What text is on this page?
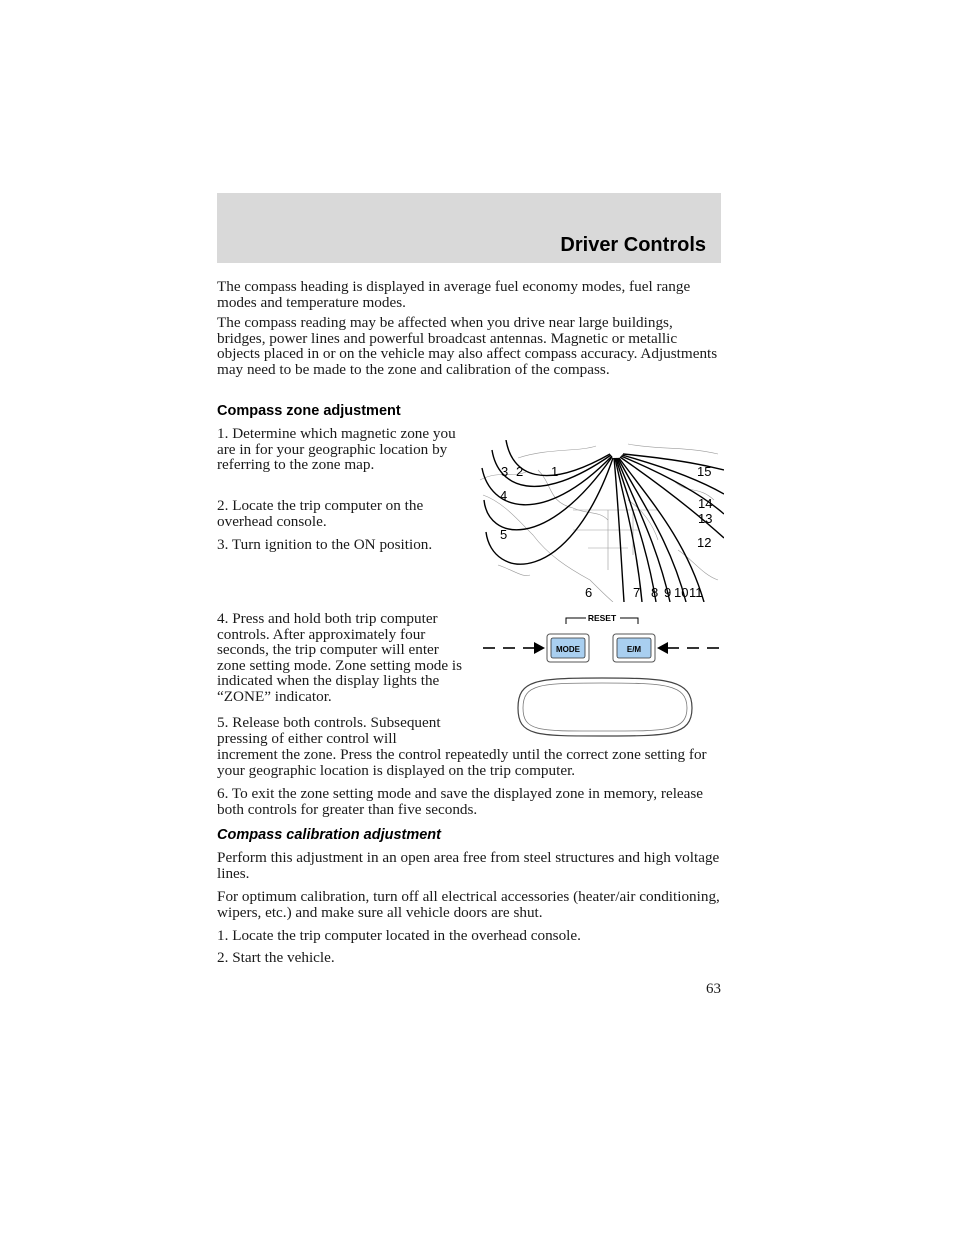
Driver Controls

The compass heading is displayed in average fuel economy modes, fuel range modes and temperature modes.

The compass reading may be affected when you drive near large buildings, bridges, power lines and powerful broadcast antennas. Magnetic or metallic objects placed in or on the vehicle may also affect compass accuracy. Adjustments may need to be made to the zone and calibration of the compass.

Compass zone adjustment

1. Determine which magnetic zone you are in for your geographic location by referring to the zone map.

2. Locate the trip computer on the overhead console.

3. Turn ignition to the ON position.

3 2 1
4
5
6	7 8 9 10 11
12
13
14
15

4. Press and hold both trip computer controls. After approximately four seconds, the trip computer will enter zone setting mode. Zone setting mode is indicated when the display lights the “ZONE” indicator.

5. Release both controls. Subsequent pressing of either control will

increment the zone. Press the control repeatedly until the correct zone setting for your geographic location is displayed on the trip computer.

6. To exit the zone setting mode and save the displayed zone in memory, release both controls for greater than five seconds.

RESET
MODE	E/M
Compass calibration adjustment

Perform this adjustment in an open area free from steel structures and high voltage lines.

For optimum calibration, turn off all electrical accessories (heater/air conditioning, wipers, etc.) and make sure all vehicle doors are shut.

1. Locate the trip computer located in the overhead console.

2. Start the vehicle.

63
